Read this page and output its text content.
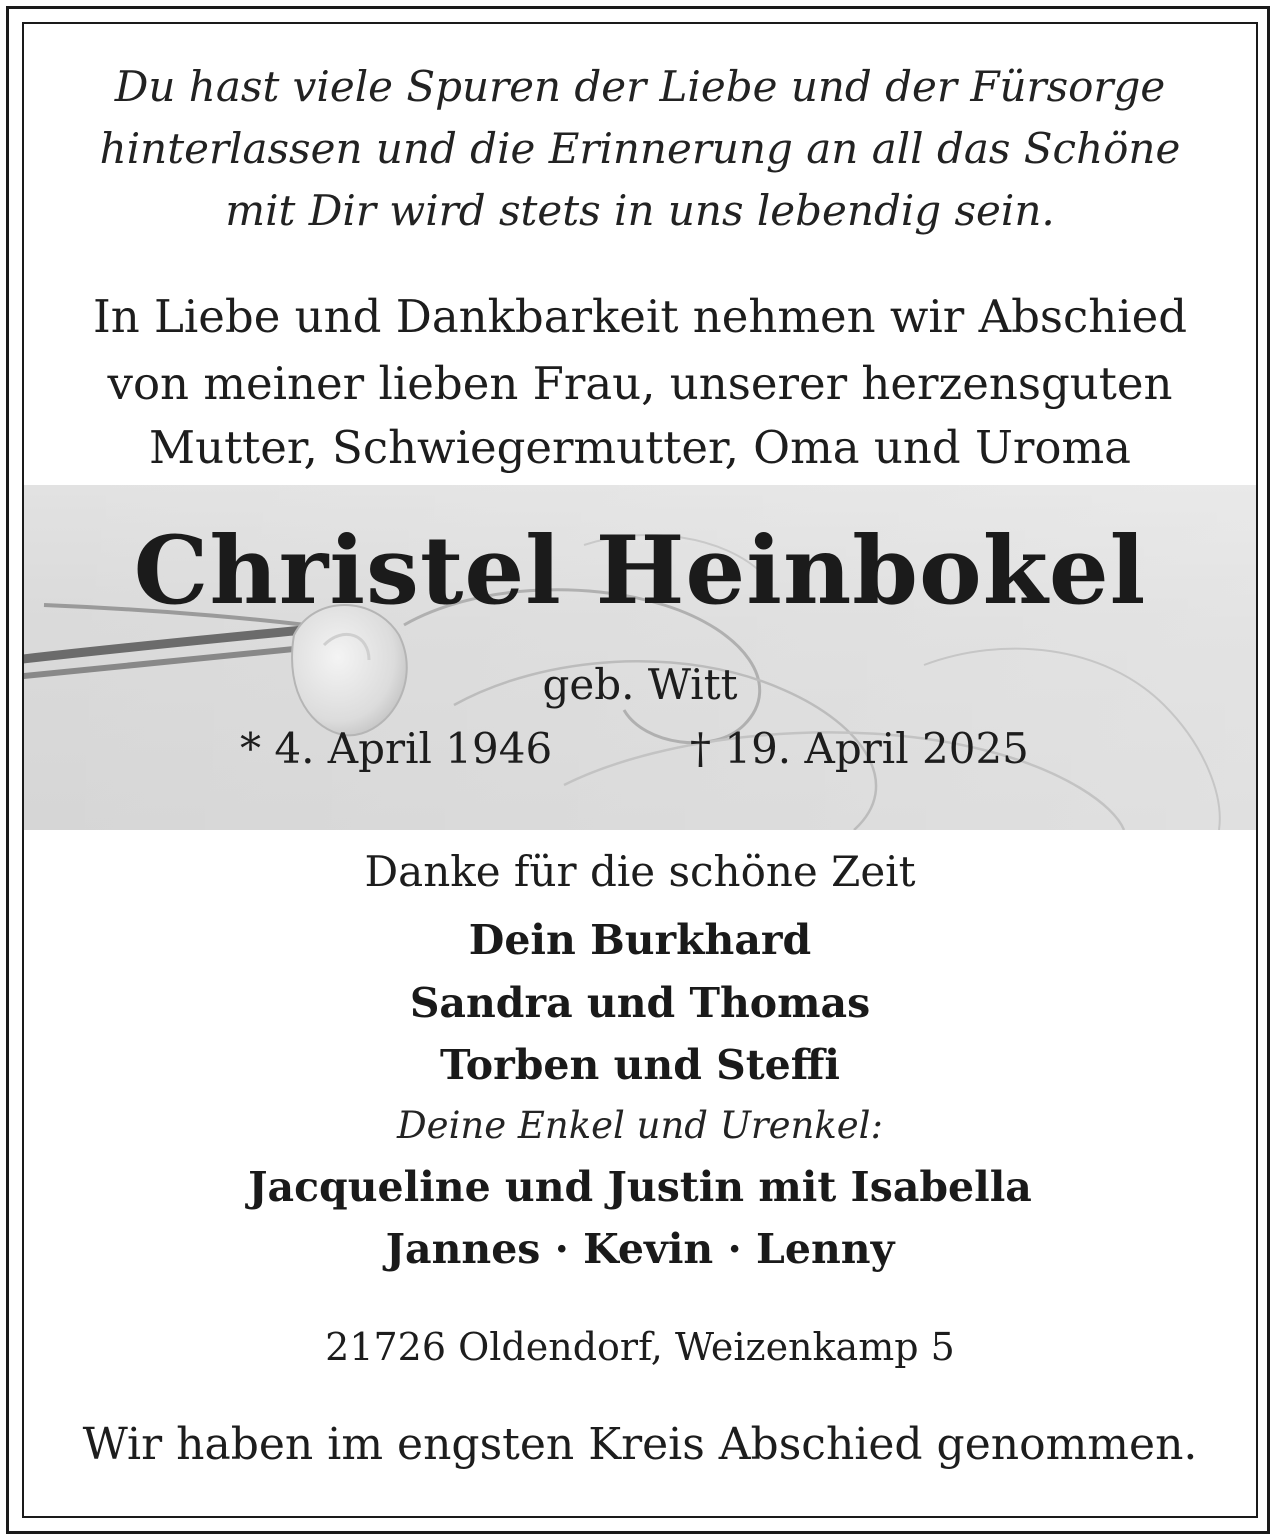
Du hast viele Spuren der Liebe und der Fürsorge
hinterlassen und die Erinnerung an all das Schöne
mit Dir wird stets in uns lebendig sein.
In Liebe und Dankbarkeit nehmen wir Abschied
von meiner lieben Frau, unserer herzensguten
Mutter, Schwiegermutter, Oma und Uroma
Christel Heinbokel
geb. Witt
* 4. April 1946	† 19. April 2025
Danke für die schöne Zeit
Dein Burkhard
Sandra und Thomas
Torben und Steffi
Deine Enkel und Urenkel:
Jacqueline und Justin mit Isabella
Jannes · Kevin · Lenny
21726 Oldendorf, Weizenkamp 5
Wir haben im engsten Kreis Abschied genommen.
